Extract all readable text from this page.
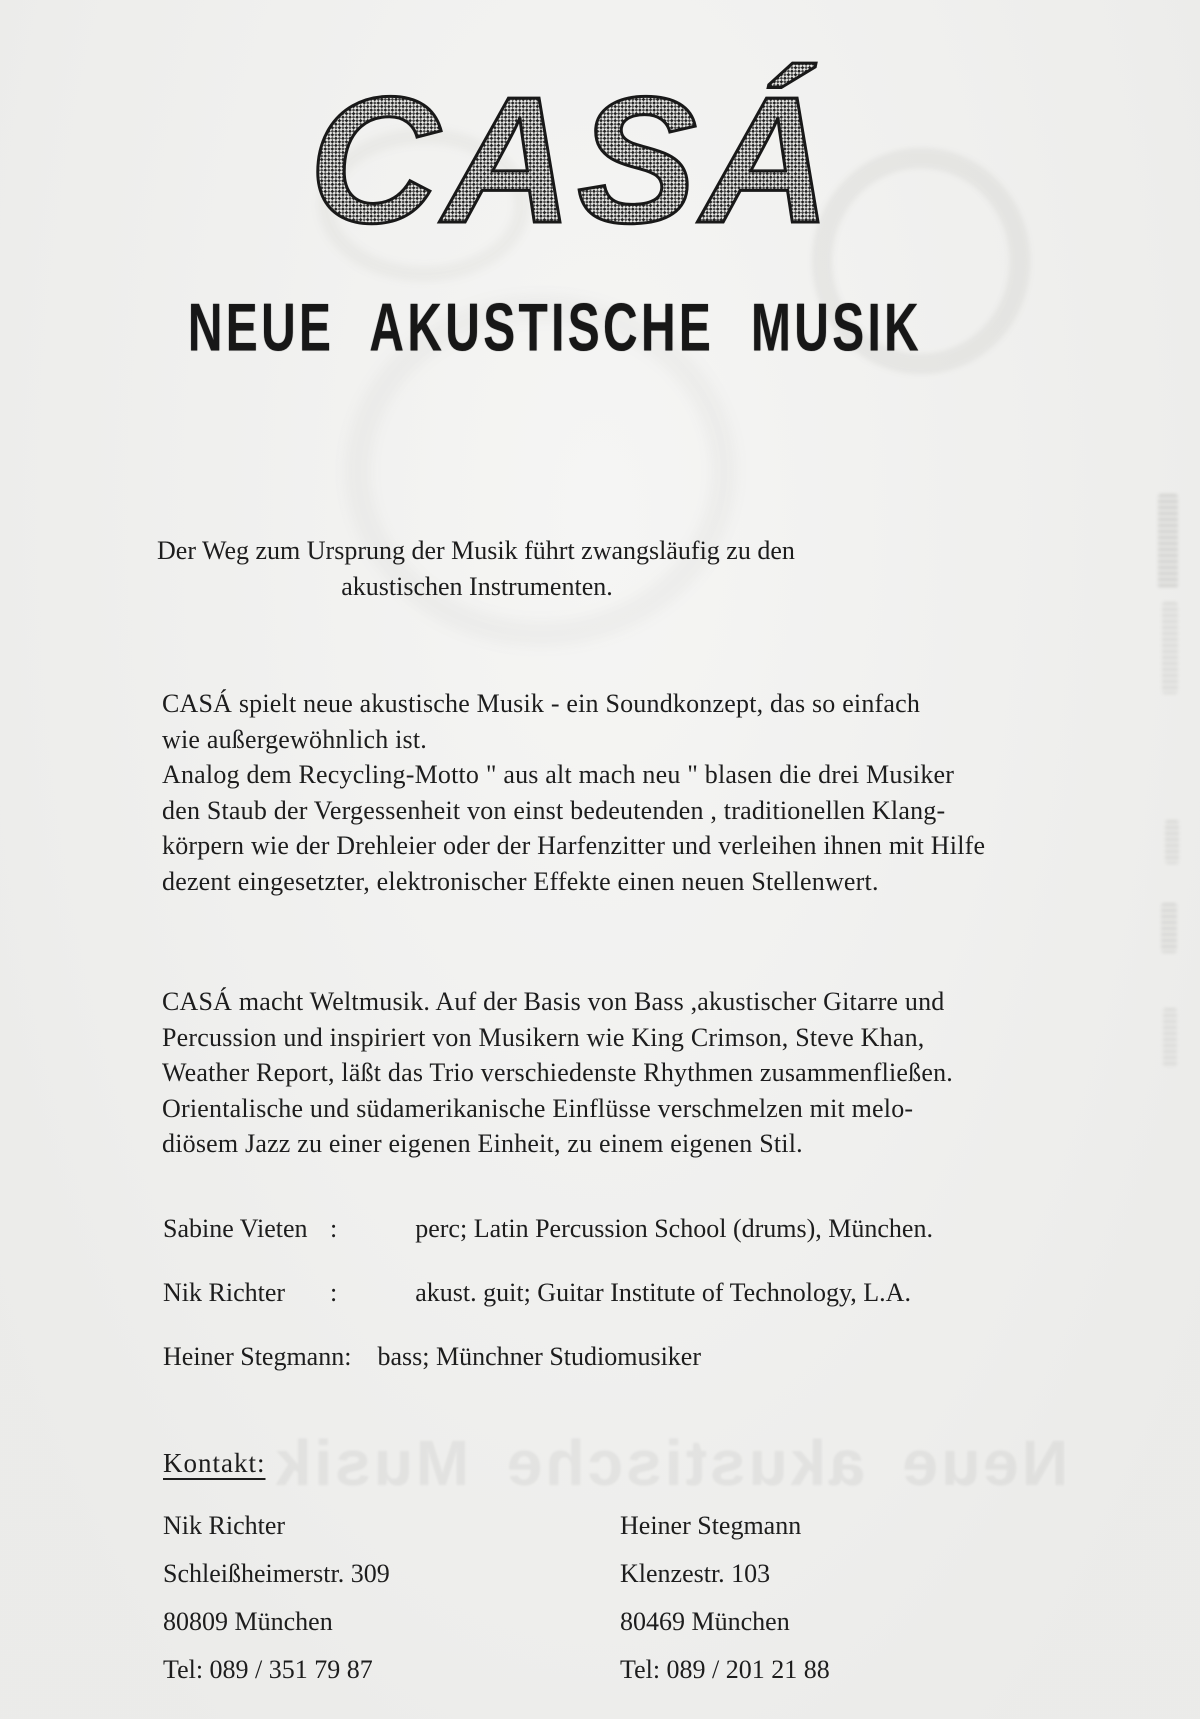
Neue akustische Musik
CASÁ
NEUE AKUSTISCHE MUSIK
Der Weg zum Ursprung der Musik führt zwangsläufig zu den
akustischen Instrumenten.
CASÁ spielt neue akustische Musik - ein Soundkonzept, das so einfach
wie außergewöhnlich ist.
Analog dem Recycling-Motto " aus alt mach neu " blasen die drei Musiker
den Staub der Vergessenheit von einst bedeutenden , traditionellen Klang-
körpern wie der Drehleier oder der Harfenzitter und verleihen ihnen mit Hilfe
dezent eingesetzter, elektronischer Effekte einen neuen Stellenwert.
CASÁ macht Weltmusik. Auf der Basis von Bass ,akustischer Gitarre und
Percussion und inspiriert von Musikern wie King Crimson, Steve Khan,
Weather Report, läßt das Trio verschiedenste Rhythmen zusammenfließen.
Orientalische und südamerikanische Einflüsse verschmelzen mit melo-
diösem Jazz zu einer eigenen Einheit, zu einem eigenen Stil.
Sabine Vieten :	perc; Latin Percussion School (drums), München.
Nik Richter :	akust. guit; Guitar Institute of Technology, L.A.
Heiner Stegmann: bass; Münchner Studiomusiker
Kontakt:
Nik Richter
Schleißheimerstr. 309
80809 München
Tel: 089 / 351 79 87
Heiner Stegmann
Klenzestr. 103
80469 München
Tel: 089 / 201 21 88
